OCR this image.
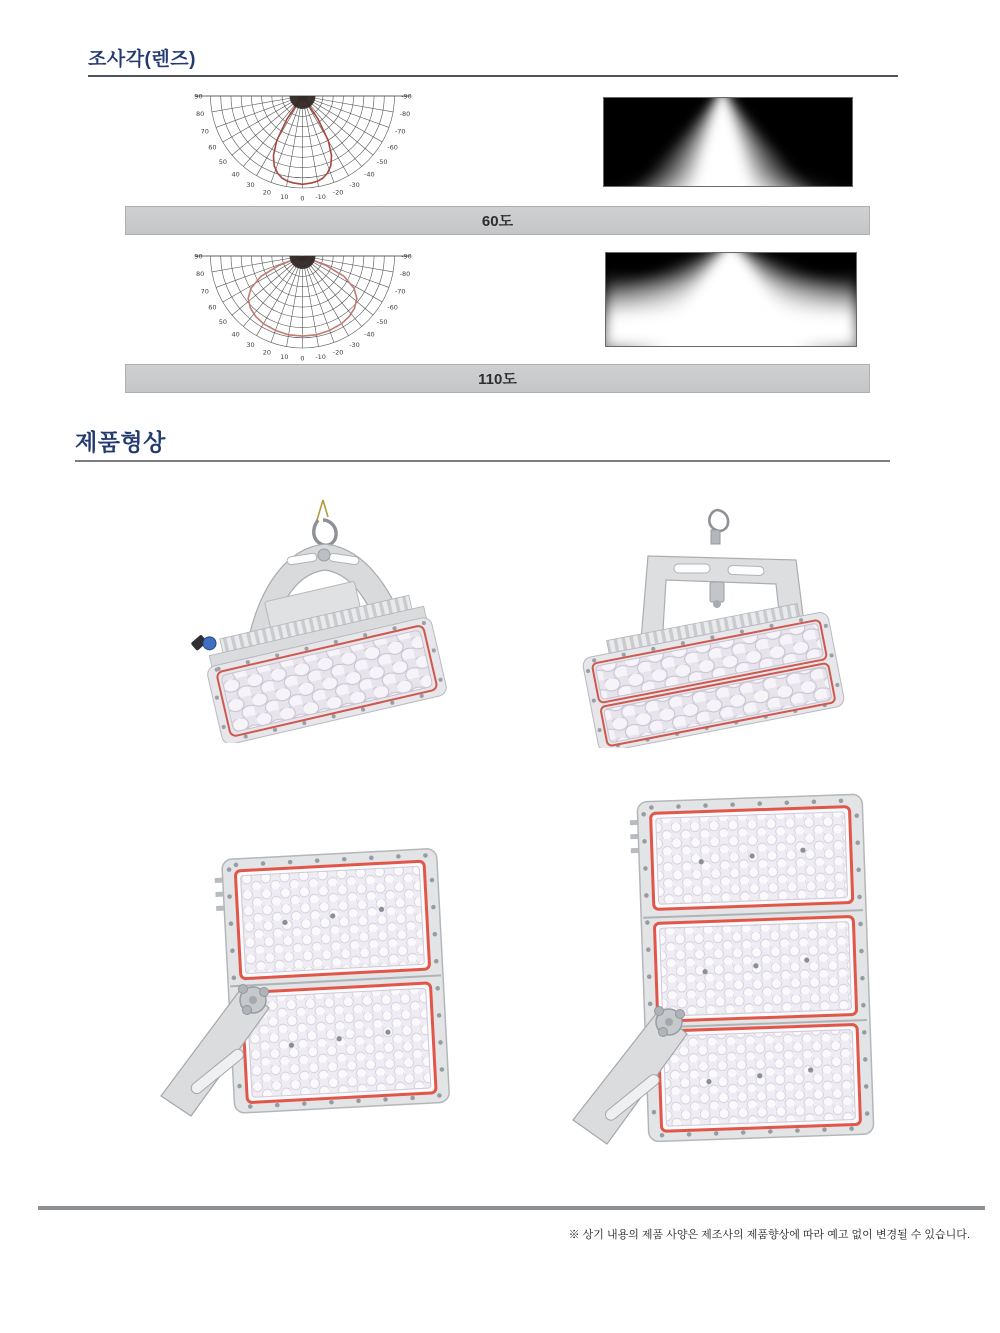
조사각(렌즈)
90
80
70
60
50
40
30
20
10 0 -10
-20
-30
-40
-50
-60
-70
-80
-90
60도
90
80
70
60
50
40
30
20
10 0 -10
-20
-30
-40
-50
-60
-70
-80
-90
110도
제품형상
※ 상기 내용의 제품 사양은 제조사의 제품향상에 따라 예고 없이 변경될 수 있습니다.
